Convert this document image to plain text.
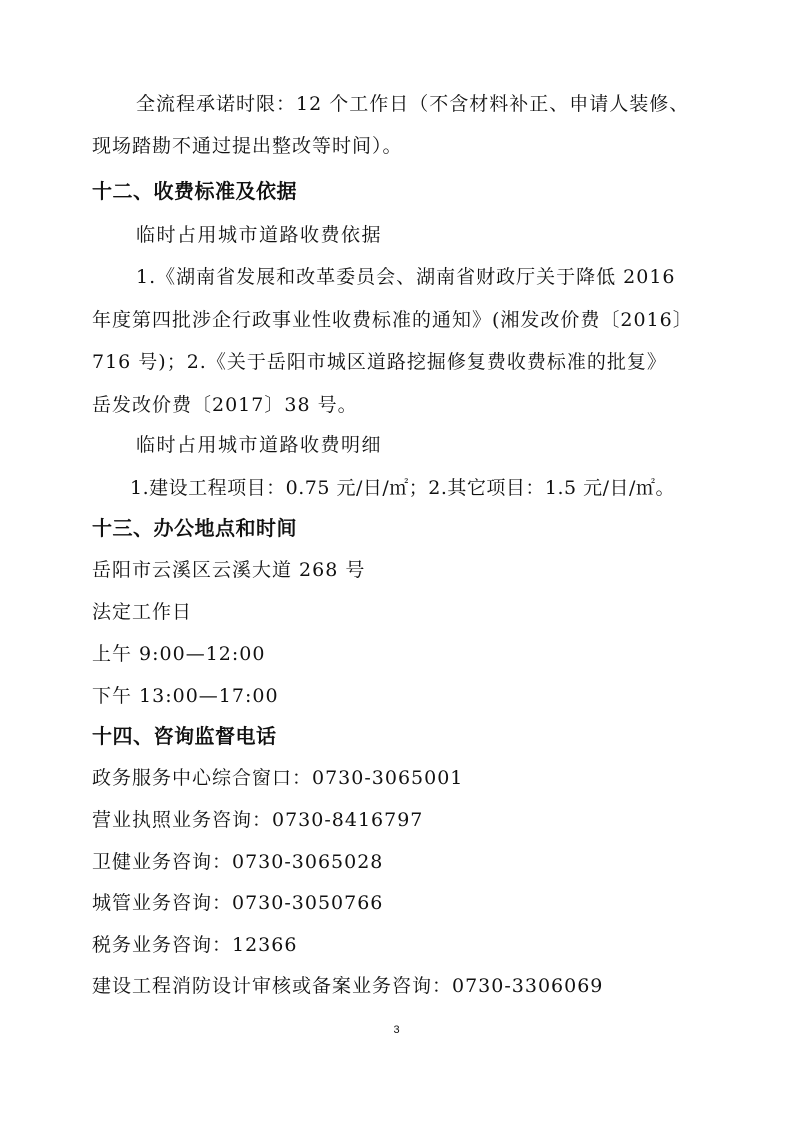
全流程承诺时限：12 个工作日（不含材料补正、申请人装修、
现场踏勘不通过提出整改等时间）。
十二、收费标准及依据
临时占用城市道路收费依据
1.《湖南省发展和改革委员会、湖南省财政厅关于降低 2016
年度第四批涉企行政事业性收费标准的通知》(湘发改价费〔2016〕
716 号)；2.《关于岳阳市城区道路挖掘修复费收费标准的批复》
岳发改价费〔2017〕38 号。
临时占用城市道路收费明细
1.建设工程项目：0.75 元/日/㎡；2.其它项目：1.5 元/日/㎡。
十三、办公地点和时间
岳阳市云溪区云溪大道 268 号
法定工作日
上午 9:00—12:00
下午 13:00—17:00
十四、咨询监督电话
政务服务中心综合窗口：0730-3065001
营业执照业务咨询：0730-8416797
卫健业务咨询：0730-3065028
城管业务咨询：0730-3050766
税务业务咨询：12366
建设工程消防设计审核或备案业务咨询：0730-3306069
3
